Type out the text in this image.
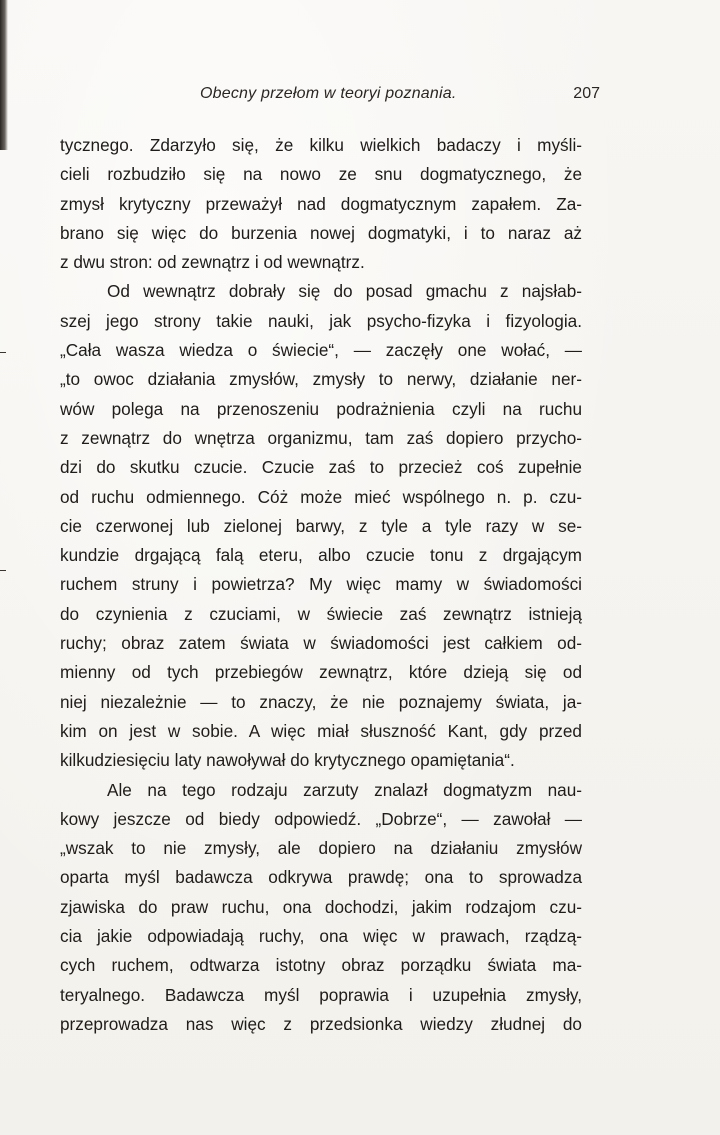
Obecny przełom w teoryi poznania.	207
tycznego. Zdarzyło się, że kilku wielkich badaczy i myśli-
cieli rozbudziło się na nowo ze snu dogmatycznego, że
zmysł krytyczny przeważył nad dogmatycznym zapałem. Za-
brano się więc do burzenia nowej dogmatyki, i to naraz aż
z dwu stron: od zewnątrz i od wewnątrz.
Od wewnątrz dobrały się do posad gmachu z najsłab-
szej jego strony takie nauki, jak psycho-fizyka i fizyologia.
„Cała wasza wiedza o świecie“, — zaczęły one wołać, —
„to owoc działania zmysłów, zmysły to nerwy, działanie ner-
wów polega na przenoszeniu podrażnienia czyli na ruchu
z zewnątrz do wnętrza organizmu, tam zaś dopiero przycho-
dzi do skutku czucie. Czucie zaś to przecież coś zupełnie
od ruchu odmiennego. Cóż może mieć wspólnego n. p. czu-
cie czerwonej lub zielonej barwy, z tyle a tyle razy w se-
kundzie drgającą falą eteru, albo czucie tonu z drgającym
ruchem struny i powietrza? My więc mamy w świadomości
do czynienia z czuciami, w świecie zaś zewnątrz istnieją
ruchy; obraz zatem świata w świadomości jest całkiem od-
mienny od tych przebiegów zewnątrz, które dzieją się od
niej niezależnie — to znaczy, że nie poznajemy świata, ja-
kim on jest w sobie. A więc miał słuszność Kant, gdy przed
kilkudziesięciu laty nawoływał do krytycznego opamiętania“.
Ale na tego rodzaju zarzuty znalazł dogmatyzm nau-
kowy jeszcze od biedy odpowiedź. „Dobrze“, — zawołał —
„wszak to nie zmysły, ale dopiero na działaniu zmysłów
oparta myśl badawcza odkrywa prawdę; ona to sprowadza
zjawiska do praw ruchu, ona dochodzi, jakim rodzajom czu-
cia jakie odpowiadają ruchy, ona więc w prawach, rządzą-
cych ruchem, odtwarza istotny obraz porządku świata ma-
teryalnego. Badawcza myśl poprawia i uzupełnia zmysły,
przeprowadza nas więc z przedsionka wiedzy złudnej do
